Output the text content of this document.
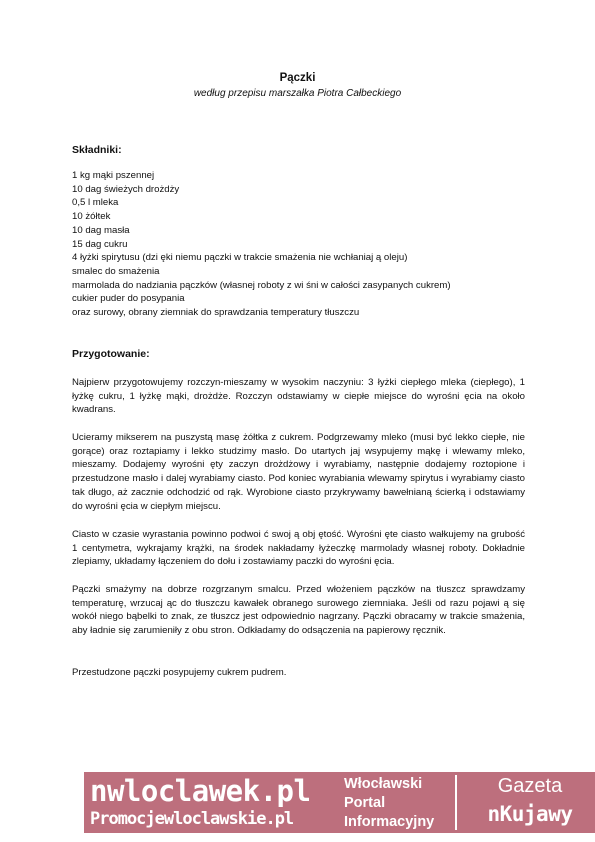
Pączki
według przepisu marszałka Piotra Całbeckiego
Składniki:
1 kg mąki pszennej
10 dag świeżych drożdży
0,5 l mleka
10 żółtek
10 dag masła
15 dag cukru
4 łyżki spirytusu (dzi ęki niemu pączki w trakcie smażenia nie wchłaniaj ą oleju)
smalec do smażenia
marmolada do nadziania pączków (własnej roboty z wi śni w całości zasypanych cukrem)
cukier puder do posypania
oraz surowy, obrany ziemniak do sprawdzania temperatury tłuszczu
Przygotowanie:

Najpierw przygotowujemy rozczyn-mieszamy w wysokim naczyniu: 3 łyżki ciepłego mleka (ciepłego), 1 łyżkę cukru, 1 łyżkę mąki, drożdże. Rozczyn odstawiamy w ciepłe miejsce do wyrośni ęcia na około kwadrans.

Ucieramy mikserem na puszystą masę żółtka z cukrem. Podgrzewamy mleko (musi być lekko ciepłe, nie gorące) oraz roztapiamy i lekko studzimy masło. Do utartych jaj wsypujemy mąkę i wlewamy mleko, mieszamy. Dodajemy wyrośni ęty zaczyn drożdżowy i wyrabiamy, następnie dodajemy roztopione i przestudzone masło i dalej wyrabiamy ciasto. Pod koniec wyrabiania wlewamy spirytus i wyrabiamy ciasto tak długo, aż zacznie odchodzić od rąk. Wyrobione ciasto przykrywamy bawełnianą ścierką i odstawiamy do wyrośni ęcia w ciepłym miejscu.

Ciasto w czasie wyrastania powinno podwoi ć swoj ą obj ętość. Wyrośni ęte ciasto wałkujemy na grubość 1 centymetra, wykrajamy krążki, na środek nakładamy łyżeczkę marmolady własnej roboty. Dokładnie zlepiamy, układamy łączeniem do dołu i zostawiamy paczki do wyrośni ęcia.

Pączki smażymy na dobrze rozgrzanym smalcu. Przed włożeniem pączków na tłuszcz sprawdzamy temperaturę, wrzucaj ąc do tłuszczu kawałek obranego surowego ziemniaka. Jeśli od razu pojawi ą się wokół niego bąbelki to znak, ze tłuszcz jest odpowiednio nagrzany. Pączki obracamy w trakcie smażenia, aby ładnie się zarumieniły z obu stron. Odkładamy do odsączenia na papierowy ręcznik.

Przestudzone pączki posypujemy cukrem pudrem.

nwloclawek.pl
Promocjewloclawskie.pl
Włocławski
Portal
Informacyjny
Gazeta
nKujawy
